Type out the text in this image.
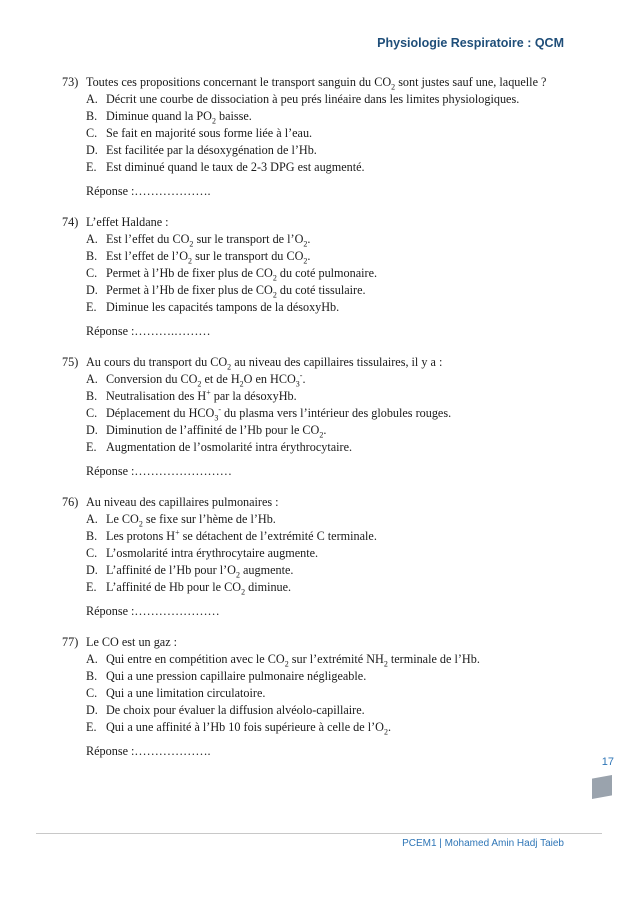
Physiologie Respiratoire : QCM
73) Toutes ces propositions concernant le transport sanguin du $CO_2$ sont justes sauf une, laquelle ?
A. Décrit une courbe de dissociation à peu prés linéaire dans les limites physiologiques.
B. Diminue quand la $PO_2$ baisse.
C. Se fait en majorité sous forme liée à l’eau.
D. Est facilitée par la désoxygénation de l’Hb.
E. Est diminué quand le taux de 2-3 DPG est augmenté.
Réponse :……………….
74) L’effet Haldane :
A. Est l’effet du $CO_2$ sur le transport de $l’O_2$.
B. Est l’effet de $l’O_2$ sur le transport du $CO_2$.
C. Permet à l’Hb de fixer plus de $CO_2$ du coté pulmonaire.
D. Permet à l’Hb de fixer plus de $CO_2$ du coté tissulaire.
E. Diminue les capacités tampons de la désoxyHb.
Réponse :……….………
75) Au cours du transport du $CO_2$ au niveau des capillaires tissulaires, il y a :
A. Conversion du $CO_2$ et de $H_2O$ en $HCO_3^-$.
B. Neutralisation des H+ par la désoxyHb.
C. Déplacement du $HCO_3^-$ du plasma vers l’intérieur des globules rouges.
D. Diminution de l’affinité de l’Hb pour le $CO_2$.
E. Augmentation de l’osmolarité intra érythrocytaire.
Réponse :……………………
76) Au niveau des capillaires pulmonaires :
A. Le $CO_2$ se fixe sur l’hème de l’Hb.
B. Les protons H+ se détachent de l’extrémité C terminale.
C. L’osmolarité intra érythrocytaire augmente.
D. L’affinité de l’Hb pour $l’O_2$ augmente.
E. L’affinité de Hb pour le $CO_2$ diminue.
Réponse :…………………
77) Le CO est un gaz :
A. Qui entre en compétition avec le $CO_2$ sur l’extrémité $NH_2$ terminale de l’Hb.
B. Qui a une pression capillaire pulmonaire négligeable.
C. Qui a une limitation circulatoire.
D. De choix pour évaluer la diffusion alvéolo-capillaire.
E. Qui a une affinité à l’Hb 10 fois supérieure à celle de $l’O_2$.
Réponse :……………….
17
PCEM1 | Mohamed Amin Hadj Taieb
